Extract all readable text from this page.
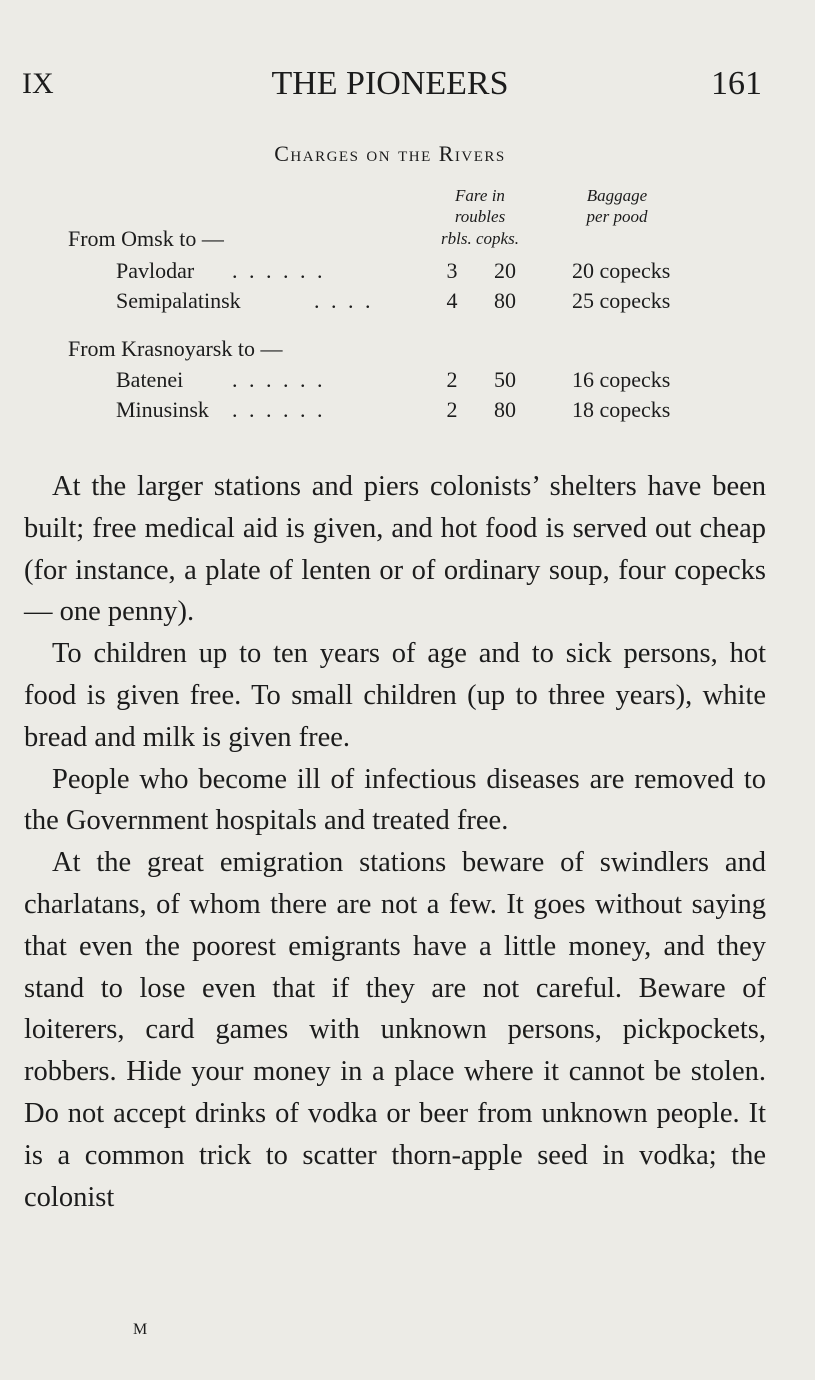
IX	THE PIONEERS	161
Charges on the Rivers
Fare in
roubles
rbls. copks.
Baggage
per pood
From Omsk to —
Pavlodar . . . . . .	3	20	20 copecks
Semipalatinsk	. . . .	4	80	25 copecks
From Krasnoyarsk to —
Batenei . . . . . .	2	50	16 copecks
Minusinsk . . . . . .	2	80	18 copecks

At the larger stations and piers colonists’ shelters have been built; free medical aid is given, and hot food is served out cheap (for instance, a plate of lenten or of ordinary soup, four copecks — one penny).

To children up to ten years of age and to sick persons, hot food is given free. To small children (up to three years), white bread and milk is given free.

People who become ill of infectious diseases are removed to the Government hospitals and treated free.

At the great emigration stations beware of swindlers and charlatans, of whom there are not a few. It goes without saying that even the poorest emigrants have a little money, and they stand to lose even that if they are not careful. Beware of loiterers, card games with unknown persons, pickpockets, robbers. Hide your money in a place where it cannot be stolen. Do not accept drinks of vodka or beer from unknown people. It is a common trick to scatter thorn-apple seed in vodka; the colonist

M
